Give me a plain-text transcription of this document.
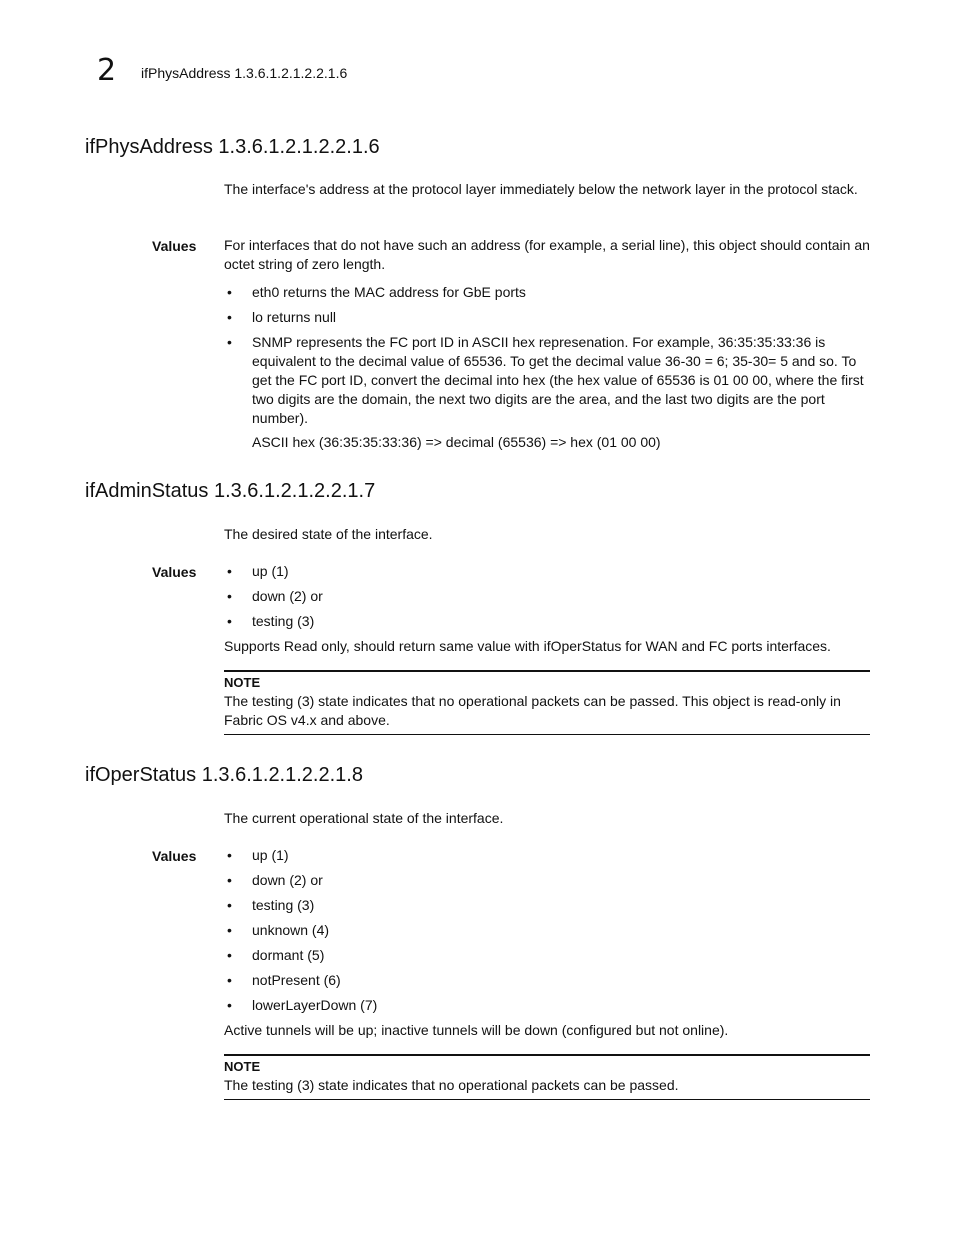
2 ifPhysAddress 1.3.6.1.2.1.2.2.1.6
ifPhysAddress 1.3.6.1.2.1.2.2.1.6
The interface's address at the protocol layer immediately below the network layer in the protocol stack.
Values For interfaces that do not have such an address (for example, a serial line), this object should contain an octet string of zero length.
• eth0 returns the MAC address for GbE ports
• lo returns null
• SNMP represents the FC port ID in ASCII hex represenation. For example, 36:35:35:33:36 is equivalent to the decimal value of 65536. To get the decimal value 36-30 = 6; 35-30= 5 and so. To get the FC port ID, convert the decimal into hex (the hex value of 65536 is 01 00 00, where the first two digits are the domain, the next two digits are the area, and the last two digits are the port number).
ASCII hex (36:35:35:33:36) => decimal (65536) => hex (01 00 00)
ifAdminStatus 1.3.6.1.2.1.2.2.1.7
The desired state of the interface.
Values • up (1)
• down (2) or
• testing (3)
Supports Read only, should return same value with ifOperStatus for WAN and FC ports interfaces.
NOTE
The testing (3) state indicates that no operational packets can be passed. This object is read-only in Fabric OS v4.x and above.
ifOperStatus 1.3.6.1.2.1.2.2.1.8
The current operational state of the interface.
Values • up (1)
• down (2) or
• testing (3)
• unknown (4)
• dormant (5)
• notPresent (6)
• lowerLayerDown (7)
Active tunnels will be up; inactive tunnels will be down (configured but not online).
NOTE
The testing (3) state indicates that no operational packets can be passed.
